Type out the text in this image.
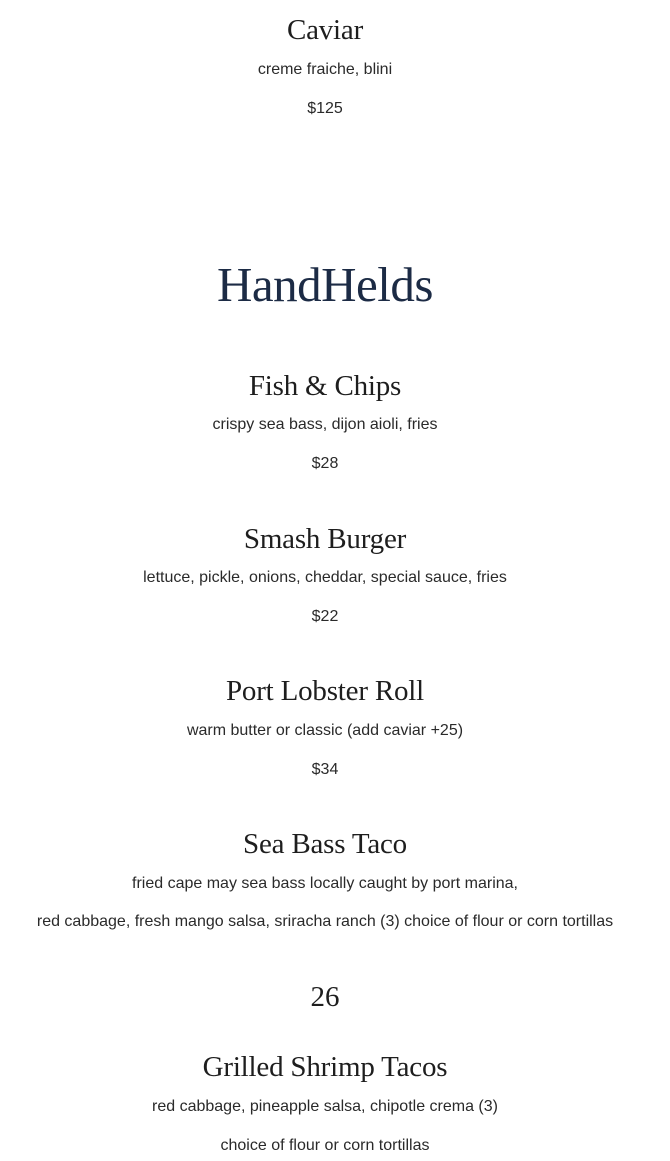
Caviar
creme fraiche, blini
$125
HandHelds
Fish & Chips
crispy sea bass, dijon aioli, fries
$28
Smash Burger
lettuce, pickle, onions, cheddar, special sauce, fries
$22
Port Lobster Roll
warm butter or classic (add caviar +25)
$34
Sea Bass Taco
fried cape may sea bass locally caught by port marina,
red cabbage, fresh mango salsa, sriracha ranch (3) choice of flour or corn tortillas
26
Grilled Shrimp Tacos
red cabbage, pineapple salsa, chipotle crema (3)
choice of flour or corn tortillas
